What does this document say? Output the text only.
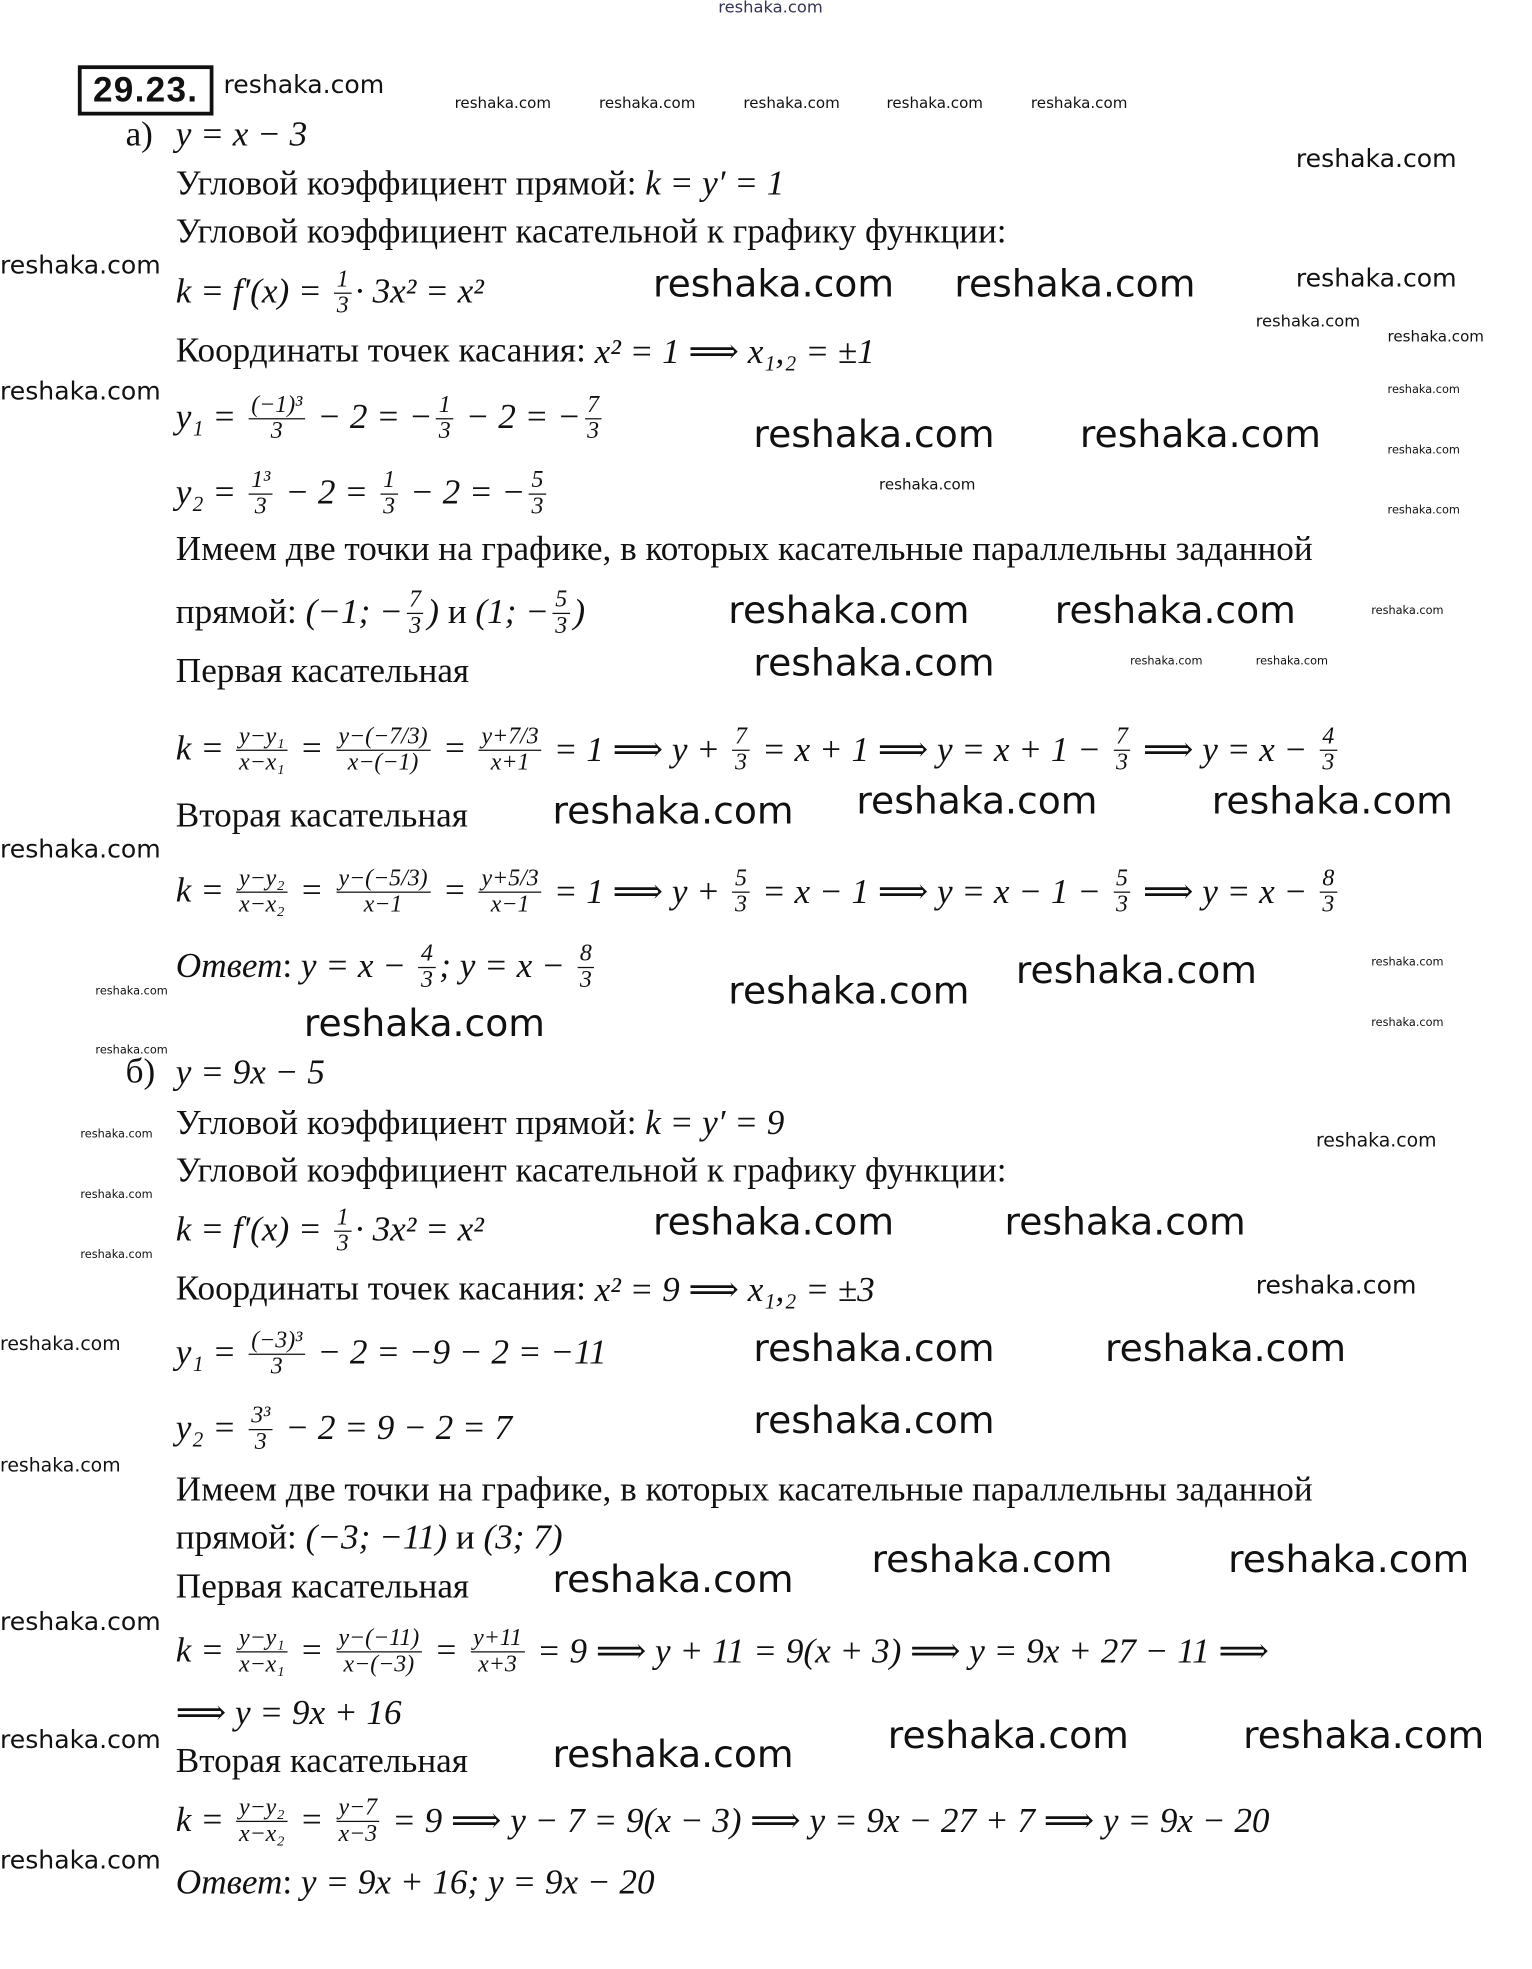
reshaka.com
29.23.
а)
б)
y = x − 3
Угловой коэффициент прямой: k = y′ = 1
Угловой коэффициент касательной к графику функции:
$k = f'(x) = \frac{1}{3} \cdot 3x^2 = x^2$
Координаты точек касания: x² = 1 ⟹ x₁,₂ = ±1
$y_1 = \frac{\text{(−1)³}}{3} - 2$ = − $\frac{1}{3} - 2$ = − $\frac{7}{3}$
$y_2 = \frac{\text{1³}}{3} - 2 = \frac{1}{3} - 2$ = − $\frac{5}{3}$
Имеем две точки на графике, в которых касательные параллельны заданной
прямой: (−1; − $\frac{7}{3}$ ) и (1; − $\frac{5}{3}$ )
Первая касательная
$k = \frac{\text{y−y₁}}{\text{x−x₁}} = \frac{y-(-7/3)}{x-(-1)} = \frac{y+7/3}{x+1} = 1$ ⟹ $y + \frac{7}{3} = x + 1$ ⟹ $y = x + 1 - \frac{7}{3}$ ⟹ $y = x - \frac{4}{3}$
Вторая касательная
$k = \frac{\text{y−y₂}}{\text{x−x₂}} = \frac{y-(-5/3)}{x-1} = \frac{y+5/3}{x-1} = 1$ ⟹ $y + \frac{5}{3} = x - 1$ ⟹ $y = x - 1 - \frac{5}{3}$ ⟹ $y = x - \frac{8}{3}$
Ответ : $y = x - \frac{4}{3}$ ; $y = x - \frac{8}{3}$
y = 9x − 5
Угловой коэффициент прямой: k = y′ = 9
Угловой коэффициент касательной к графику функции:
$k = f'(x) = \frac{1}{3} \cdot 3x^2 = x^2$
Координаты точек касания: x² = 9 ⟹ x₁,₂ = ±3
$y_1 = \frac{\text{(−3)³}}{3} - 2 = -9 - 2 = -11$
$y_2 = \frac{\text{3³}}{3} - 2 = 9 - 2 = 7$
Имеем две точки на графике, в которых касательные параллельны заданной
прямой: (−3; −11) и (3; 7)
Первая касательная
$k = \frac{\text{y−y₁}}{\text{x−x₁}} = \frac{y-(-11)}{x-(-3)} = \frac{y+11}{x+3} = 9$ ⟹ y + 11 = 9(x + 3) ⟹ y = 9x + 27 − 11 ⟹
⟹ y = 9x + 16
Вторая касательная
$k = \frac{\text{y−y₂}}{\text{x−x₂}} = \frac{y-7}{x-3} = 9$ ⟹ y − 7 = 9(x − 3) ⟹ y = 9x − 27 + 7 ⟹ y = 9x − 20
Ответ : y = 9x + 16; y = 9x − 20
reshaka.com
reshaka.com	reshaka.com	reshaka.com	reshaka.com	reshaka.com
reshaka.com
reshaka.com
reshaka.com
reshaka.com reshaka.com	reshaka.com
reshaka.com
reshaka.com
reshaka.com	reshaka.com
reshaka.com
reshaka.com
reshaka.com
reshaka.com
reshaka.com	reshaka.com
reshaka.com	reshaka.com	reshaka.com
reshaka.com
reshaka.com	reshaka.com
reshaka.com
reshaka.com
reshaka.com
reshaka.com
reshaka.com
reshaka.com
reshaka.com	reshaka.com
reshaka.com
reshaka.com
reshaka.com
reshaka.com
reshaka.com	reshaka.com
reshaka.com
reshaka.com
reshaka.com
reshaka.com
reshaka.com	reshaka.com
reshaka.com
reshaka.com	reshaka.com	reshaka.com
reshaka.com
reshaka.com	reshaka.com	reshaka.com	reshaka.com
reshaka.com
